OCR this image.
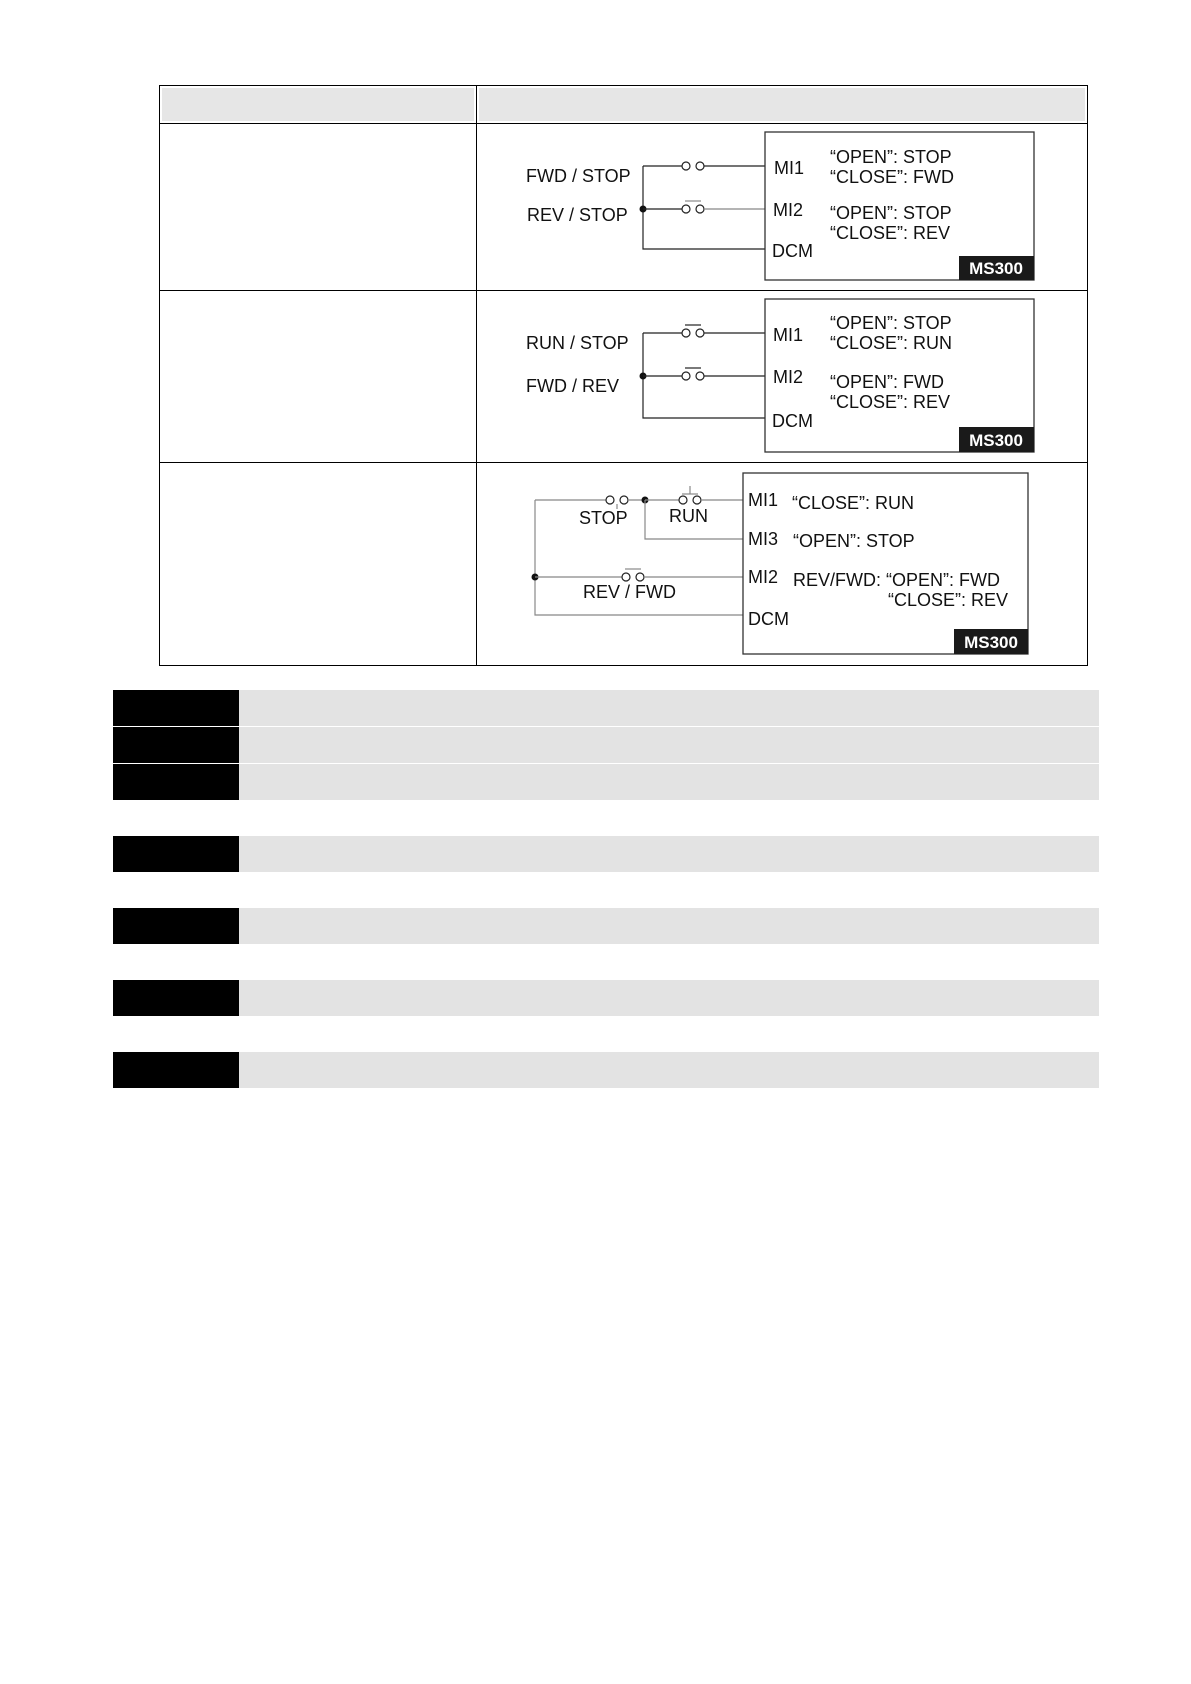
FWD / STOP
REV / STOP
MI1
MI2
DCM
“OPEN”: STOP
“CLOSE”: FWD
“OPEN”: STOP
“CLOSE”: REV
MS300
RUN / STOP
FWD / REV
MI1
MI2
DCM
“OPEN”: STOP
“CLOSE”: RUN
“OPEN”: FWD
“CLOSE”: REV
MS300
STOP RUN
REV / FWD
MI1
MI3
MI2
DCM
“CLOSE”: RUN
“OPEN”: STOP
REV/FWD: “OPEN”: FWD
“CLOSE”: REV
MS300
